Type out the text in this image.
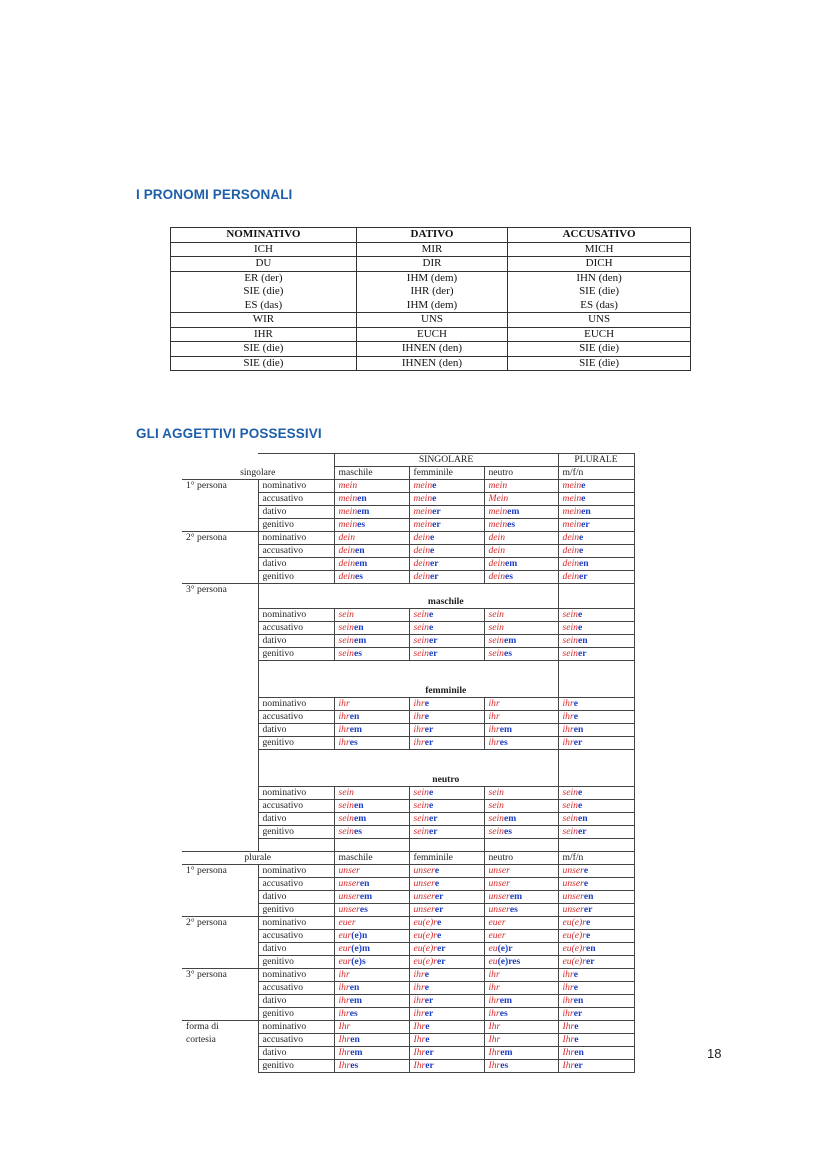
I PRONOMI PERSONALI
NOMINATIVO	DATIVO	ACCUSATIVO
ICH	MIR	MICH
DU	DIR	DICH
ER (der)	IHM (dem)	IHN (den)
SIE (die)	IHR (der)	SIE (die)
ES (das)	IHM (dem)	ES (das)
WIR	UNS	UNS
IHR	EUCH	EUCH
SIE (die)	IHNEN (den)	SIE (die)
SIE (die)	IHNEN (den)	SIE (die)
GLI AGGETTIVI POSSESSIVI
		SINGOLARE			PLURALE
singolare		maschile	femminile	neutro	m/f/n
1° persona	nominativo	mein	meine	mein	meine
	accusativo	meinen	meine	Mein	meine
	dativo	meinem	meiner	meinem	meinen
	genitivo	meines	meiner	meines	meiner
2° persona	nominativo	dein	deine	dein	deine
	accusativo	deinen	deine	dein	deine
	dativo	deinem	deiner	deinem	deinen
	genitivo	deines	deiner	deines	deiner
3° persona					
		maschile			
	nominativo	sein	seine	sein	seine
	accusativo	seinen	seine	sein	seine
	dativo	seinem	seiner	seinem	seinen
	genitivo	seines	seiner	seines	seiner

		femminile			
	nominativo	ihr	ihre	ihr	ihre
	accusativo	ihren	ihre	ihr	ihre
	dativo	ihrem	ihrer	ihrem	ihren
	genitivo	ihres	ihrer	ihres	ihrer

		neutro			
	nominativo	sein	seine	sein	seine
	accusativo	seinen	seine	sein	seine
	dativo	seinem	seiner	seinem	seinen
	genitivo	seines	seiner	seines	seiner

plurale		maschile	femminile	neutro	m/f/n
1° persona	nominativo	unser	unsere	unser	unsere
	accusativo	unseren	unsere	unser	unsere
	dativo	unserem	unserer	unserem	unseren
	genitivo	unseres	unserer	unseres	unserer
2° persona	nominativo	euer	eu(e)re	euer	eu(e)re
	accusativo	eur(e)n	eu(e)re	euer	eu(e)re
	dativo	eur(e)m	eu(e)rer	eu(e)r	eu(e)ren
	genitivo	eur(e)s	eu(e)rer	eu(e)res	eu(e)rer
3° persona	nominativo	ihr	ihre	ihr	ihre
	accusativo	ihren	ihre	ihr	ihre
	dativo	ihrem	ihrer	ihrem	ihren
	genitivo	ihres	ihrer	ihres	ihrer
forma di	nominativo	Ihr	Ihre	Ihr	Ihre
cortesia	accusativo	Ihren	Ihre	Ihr	Ihre
	dativo	Ihrem	Ihrer	Ihrem	Ihren
	genitivo	Ihres	Ihrer	Ihres	Ihrer
18
